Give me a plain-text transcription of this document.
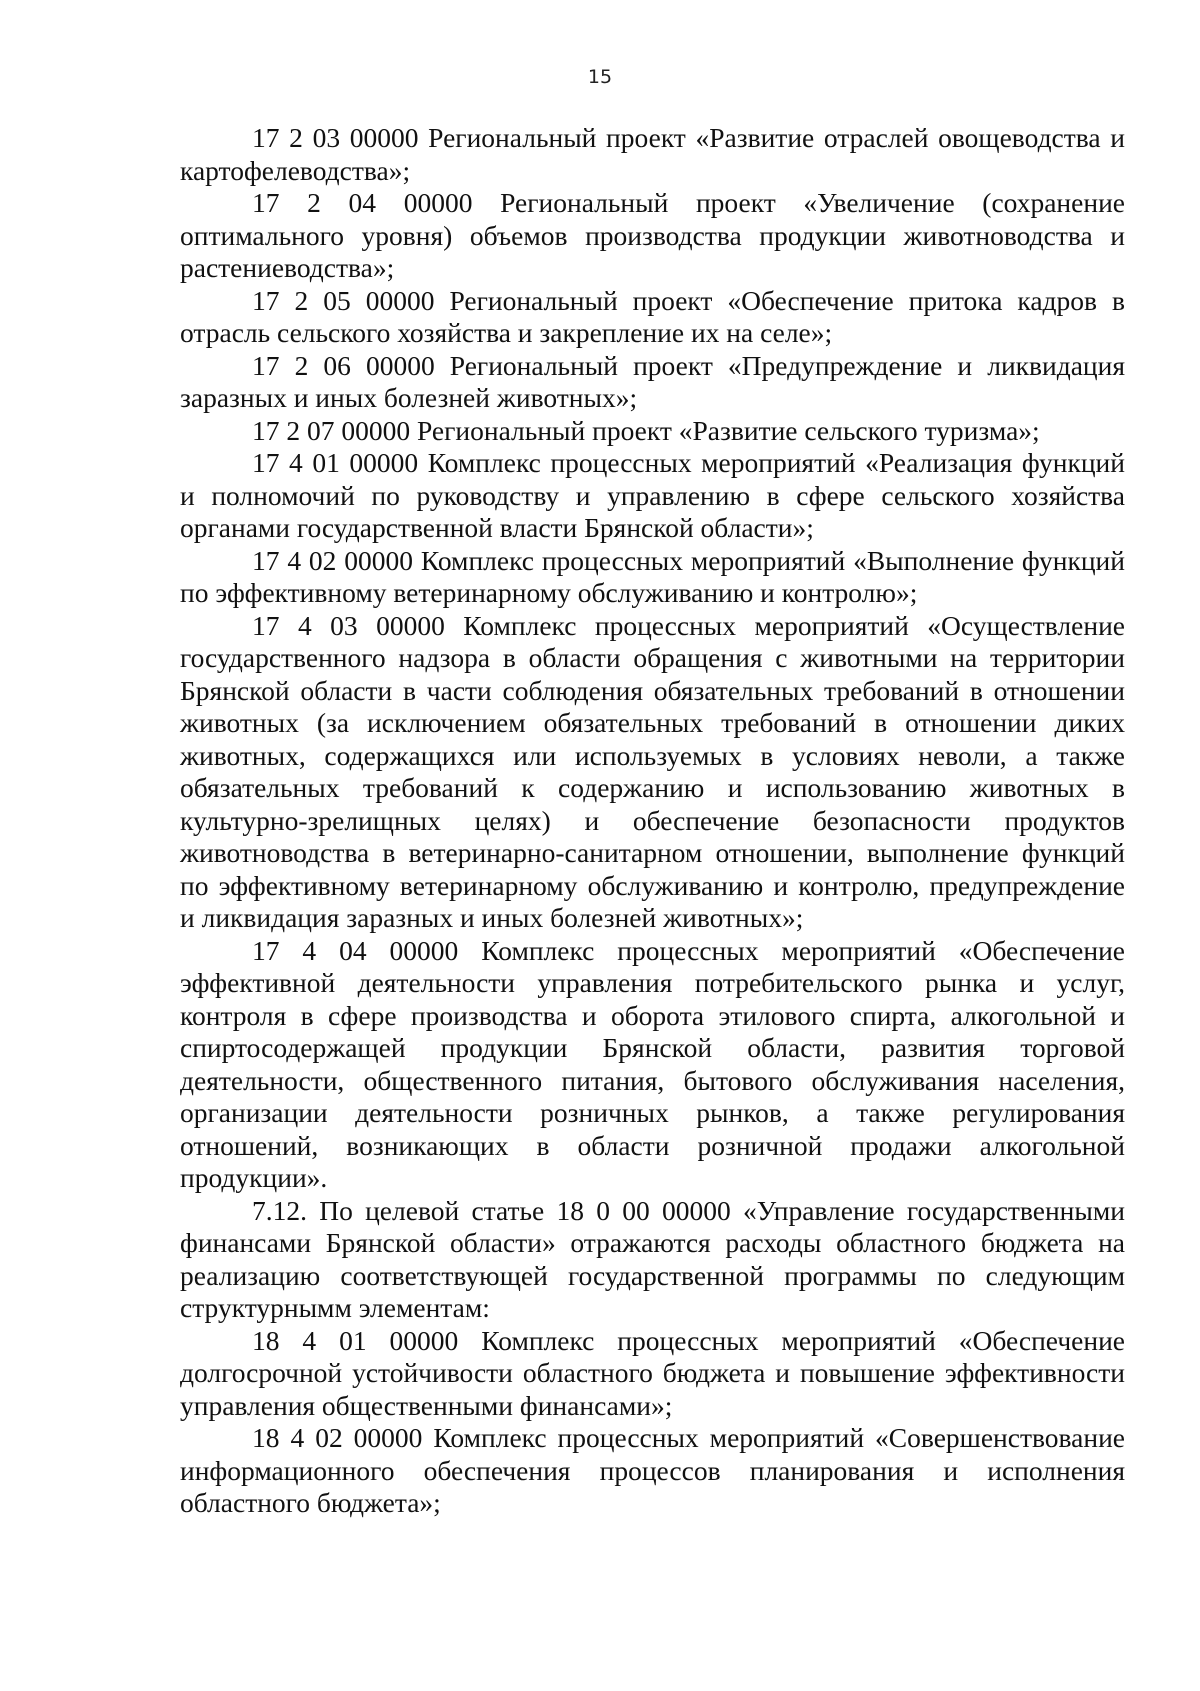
15

17 2 03 00000 Региональный проект «Развитие отраслей овощеводства и картофелеводства»;

17 2 04 00000 Региональный проект «Увеличение (сохранение оптимального уровня) объемов производства продукции животноводства и растениеводства»;

17 2 05 00000 Региональный проект «Обеспечение притока кадров в отрасль сельского хозяйства и закрепление их на селе»;

17 2 06 00000 Региональный проект «Предупреждение и ликвидация заразных и иных болезней животных»;

17 2 07 00000 Региональный проект «Развитие сельского туризма»;

17 4 01 00000 Комплекс процессных мероприятий «Реализация функций и полномочий по руководству и управлению в сфере сельского хозяйства органами государственной власти Брянской области»;

17 4 02 00000 Комплекс процессных мероприятий «Выполнение функций по эффективному ветеринарному обслуживанию и контролю»;

17 4 03 00000 Комплекс процессных мероприятий «Осуществление государственного надзора в области обращения с животными на территории Брянской области в части соблюдения обязательных требований в отношении животных (за исключением обязательных требований в отношении диких животных, содержащихся или используемых в условиях неволи, а также обязательных требований к содержанию и использованию животных в культурно-зрелищных целях) и обеспечение безопасности продуктов животноводства в ветеринарно-санитарном отношении, выполнение функций по эффективному ветеринарному обслуживанию и контролю, предупреждение и ликвидация заразных и иных болезней животных»;

17 4 04 00000 Комплекс процессных мероприятий «Обеспечение эффективной деятельности управления потребительского рынка и услуг, контроля в сфере производства и оборота этилового спирта, алкогольной и спиртосодержащей продукции Брянской области, развития торговой деятельности, общественного питания, бытового обслуживания населения, организации деятельности розничных рынков, а также регулирования отношений, возникающих в области розничной продажи алкогольной продукции».

7.12. По целевой статье 18 0 00 00000 «Управление государственными финансами Брянской области» отражаются расходы областного бюджета на реализацию соответствующей государственной программы по следующим структурнымм элементам:

18 4 01 00000 Комплекс процессных мероприятий «Обеспечение долгосрочной устойчивости областного бюджета и повышение эффективности управления общественными финансами»;

18 4 02 00000 Комплекс процессных мероприятий «Совершенствование информационного обеспечения процессов планирования и исполнения областного бюджета»;
